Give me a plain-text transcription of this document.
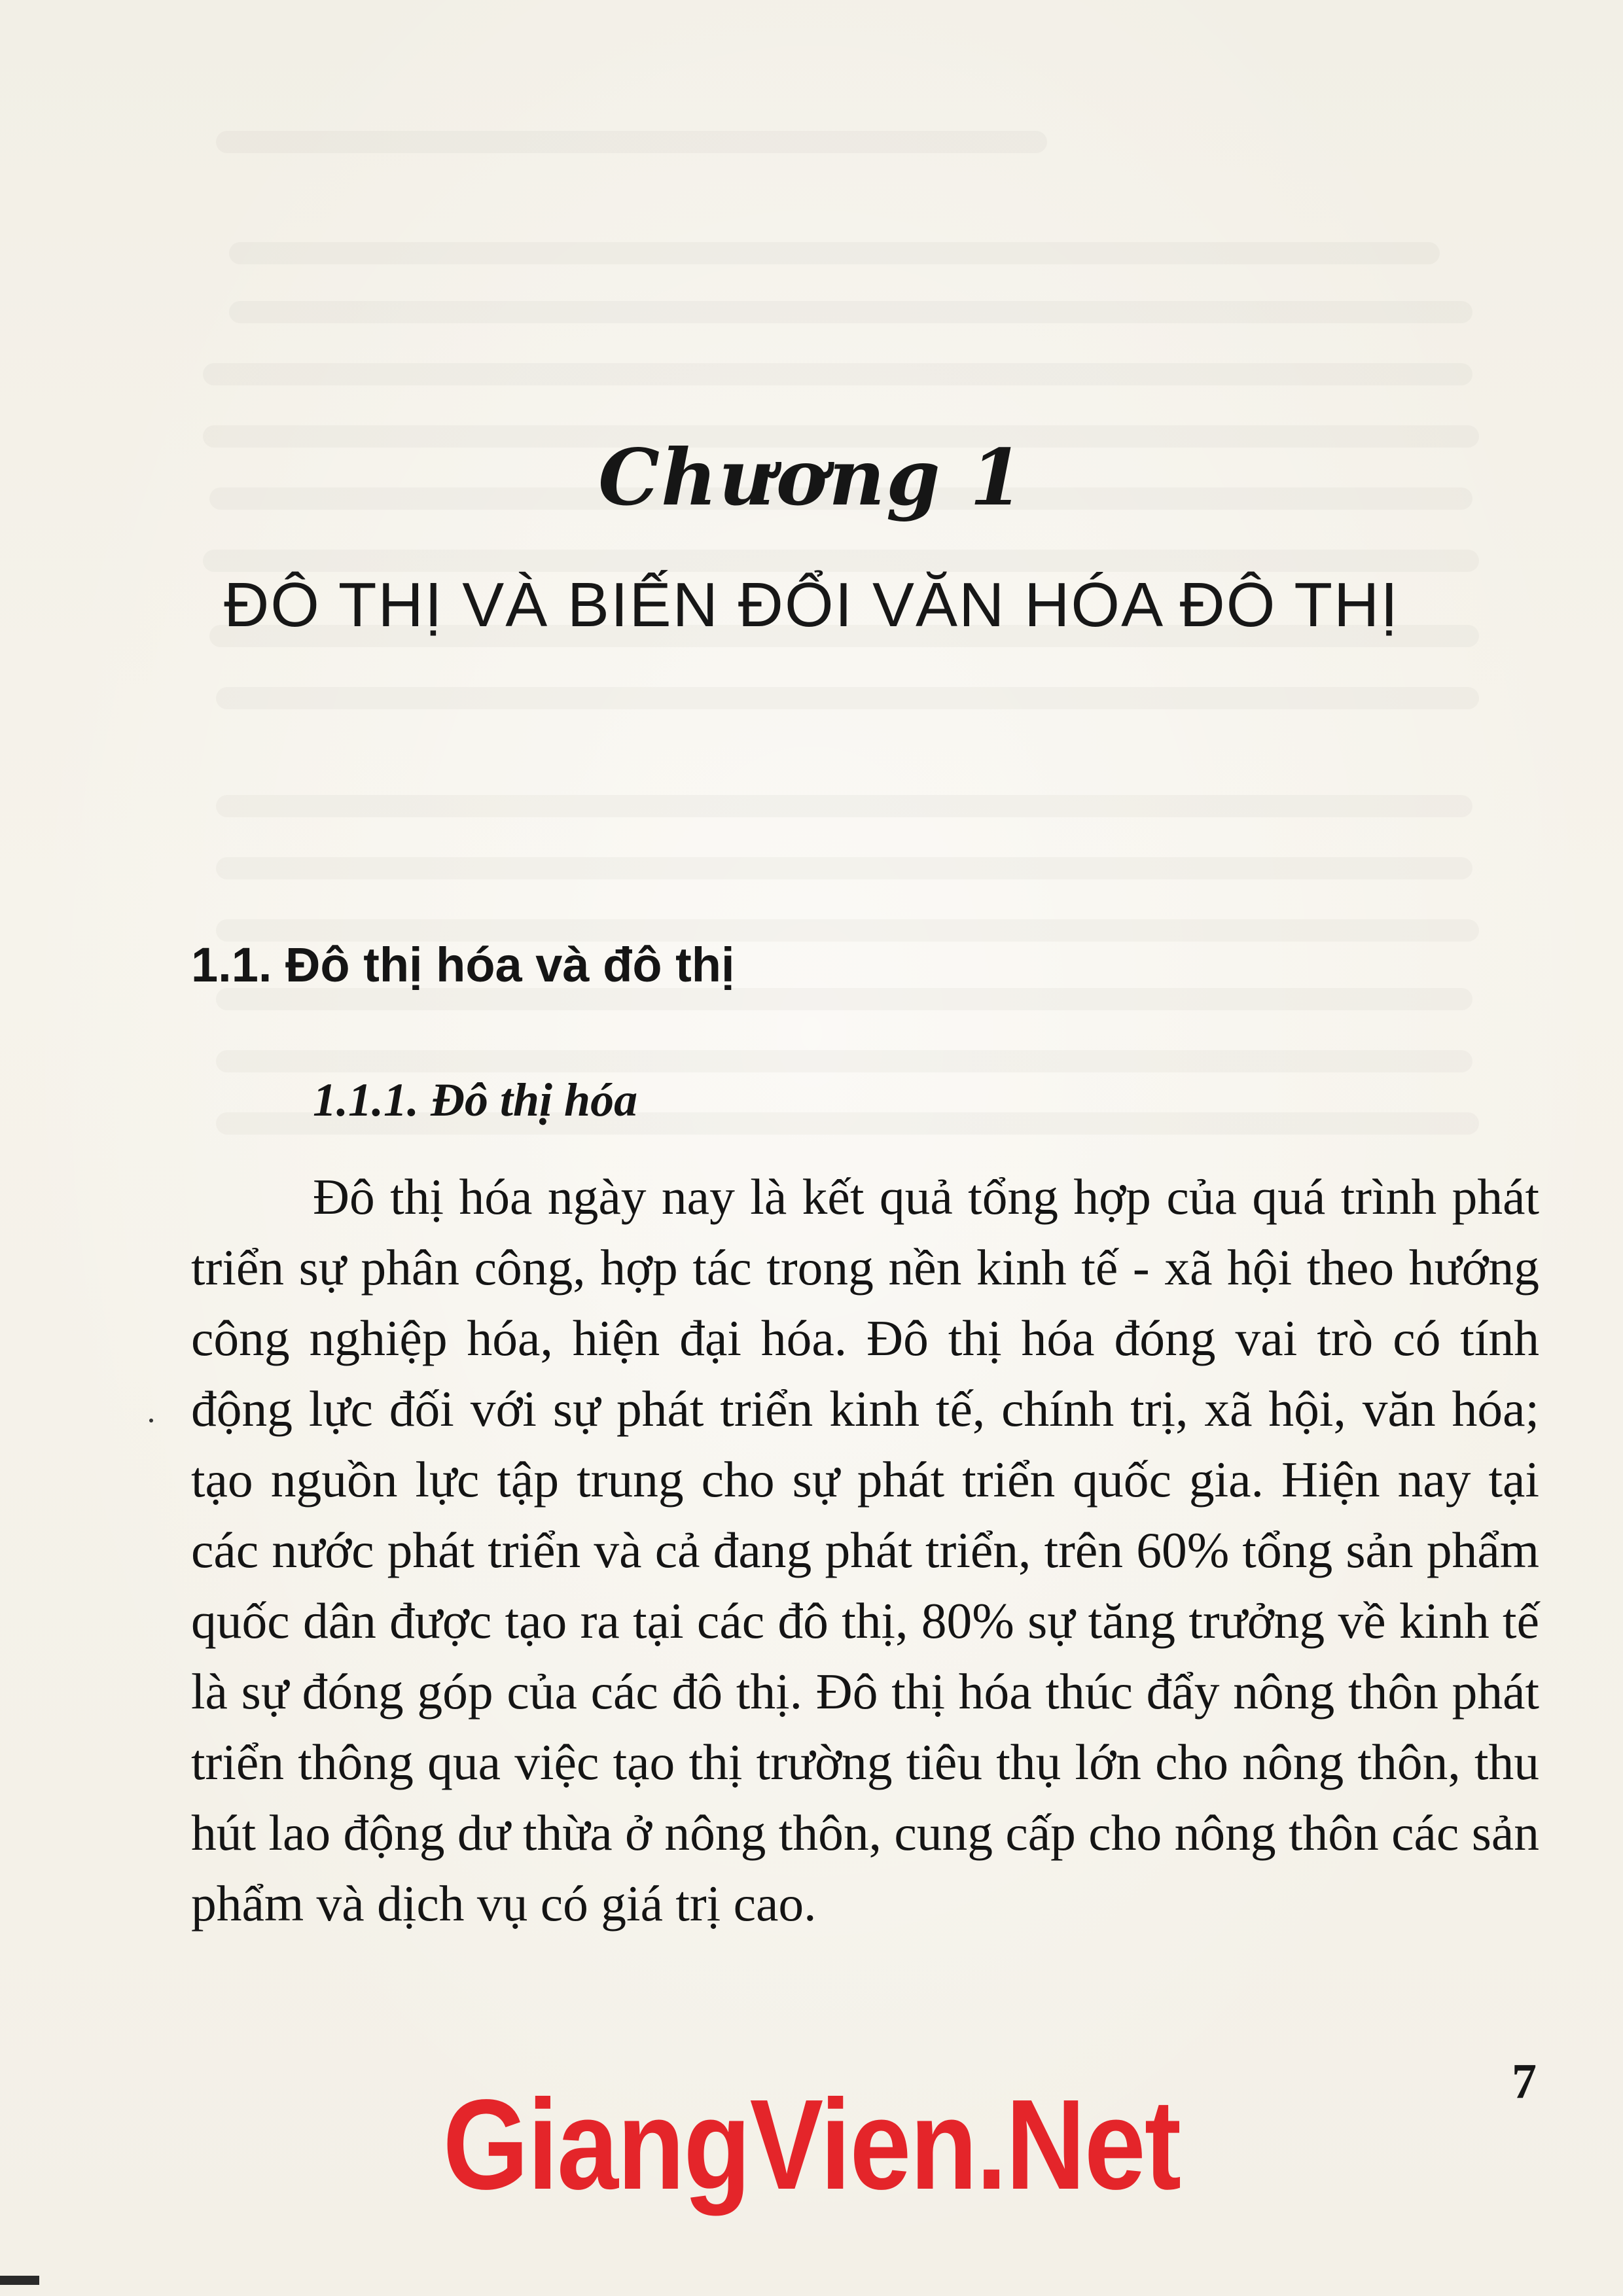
Chương 1
ĐÔ THỊ VÀ BIẾN ĐỔI VĂN HÓA ĐÔ THỊ
1.1. Đô thị hóa và đô thị
1.1.1. Đô thị hóa

Đô thị hóa ngày nay là kết quả tổng hợp của quá trình phát triển sự phân công, hợp tác trong nền kinh tế - xã hội theo hướng công nghiệp hóa, hiện đại hóa. Đô thị hóa đóng vai trò có tính động lực đối với sự phát triển kinh tế, chính trị, xã hội, văn hóa; tạo nguồn lực tập trung cho sự phát triển quốc gia. Hiện nay tại các nước phát triển và cả đang phát triển, trên 60% tổng sản phẩm quốc dân được tạo ra tại các đô thị, 80% sự tăng trưởng về kinh tế là sự đóng góp của các đô thị. Đô thị hóa thúc đẩy nông thôn phát triển thông qua việc tạo thị trường tiêu thụ lớn cho nông thôn, thu hút lao động dư thừa ở nông thôn, cung cấp cho nông thôn các sản phẩm và dịch vụ có giá trị cao.

7
GiangVien.Net
